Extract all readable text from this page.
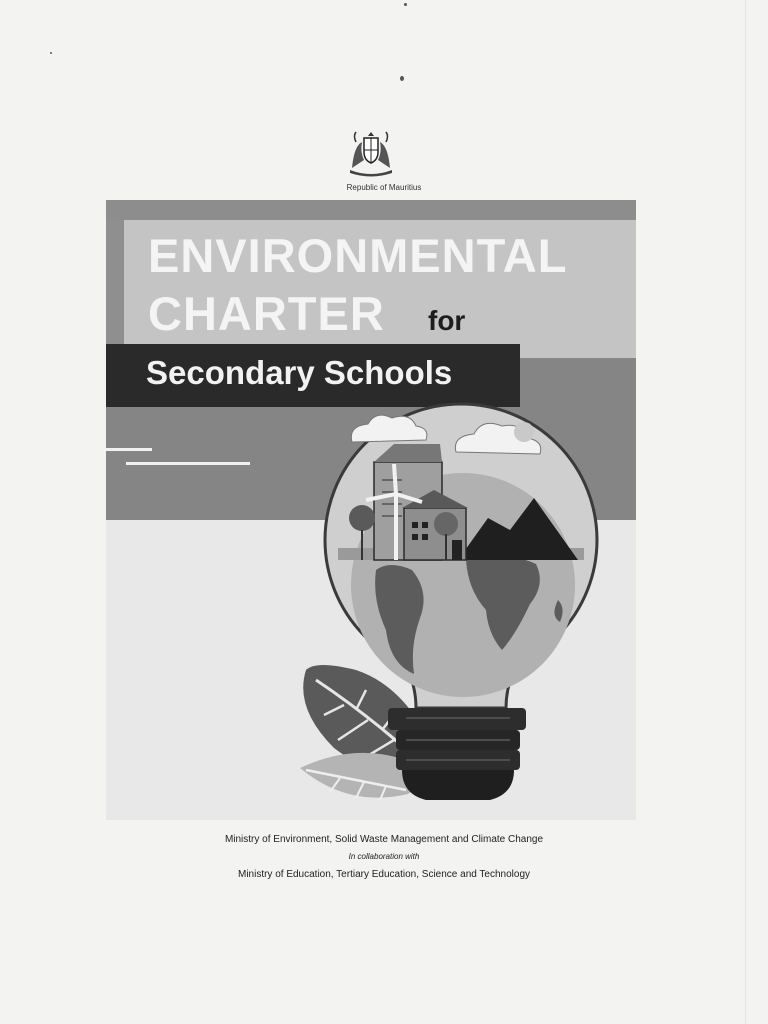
Republic of Mauritius
ENVIRONMENTAL
CHARTER for
Secondary Schools
Ministry of Environment, Solid Waste Management and Climate Change
In collaboration with
Ministry of Education, Tertiary Education, Science and Technology
